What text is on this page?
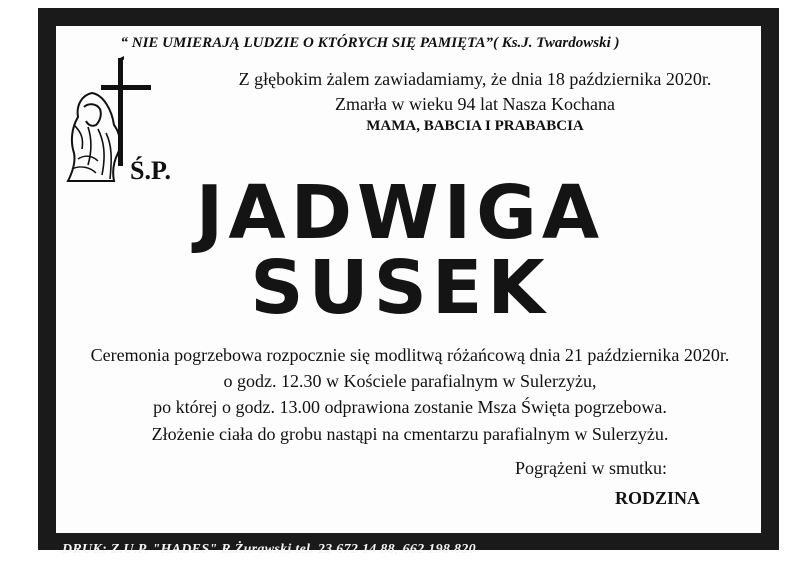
“ NIE UMIERAJĄ LUDZIE O KTÓRYCH SIĘ PAMIĘTA”( Ks.J. Twardowski )
Z głębokim żalem zawiadamiamy, że dnia 18 października 2020r.
Zmarła w wieku 94 lat Nasza Kochana
MAMA, BABCIA I PRABABCIA
Ś.P. JADWIGA
SUSEK
Ceremonia pogrzebowa rozpocznie się modlitwą różańcową dnia 21 października 2020r.
o godz. 12.30 w Kościele parafialnym w Sulerzyżu,
po której o godz. 13.00 odprawiona zostanie Msza Święta pogrzebowa.
Złożenie ciała do grobu nastąpi na cmentarzu parafialnym w Sulerzyżu.
Pogrążeni w smutku:
RODZINA
DRUK: Z.U.P. "HADES" R.Żurawski tel. 23 672 14 88, 662 198 820
